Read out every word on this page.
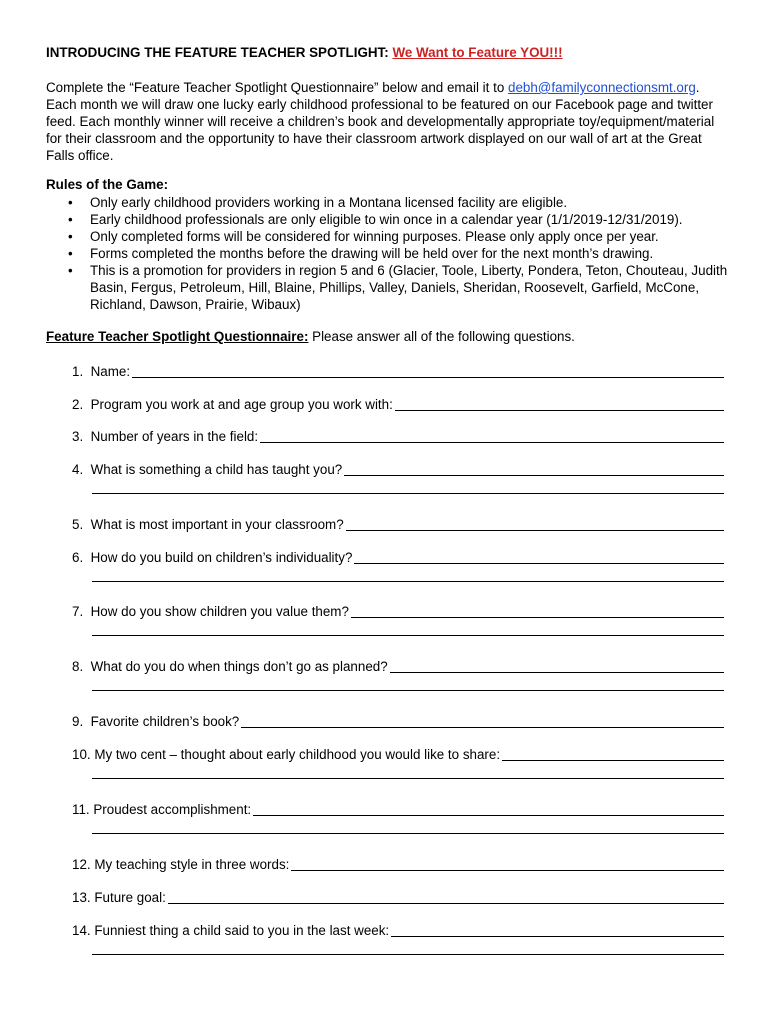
INTRODUCING THE FEATURE TEACHER SPOTLIGHT: We Want to Feature YOU!!!
Complete the “Feature Teacher Spotlight Questionnaire” below and email it to debh@familyconnectionsmt.org. Each month we will draw one lucky early childhood professional to be featured on our Facebook page and twitter feed. Each monthly winner will receive a children’s book and developmentally appropriate toy/equipment/material for their classroom and the opportunity to have their classroom artwork displayed on our wall of art at the Great Falls office.
Rules of the Game:
• Only early childhood providers working in a Montana licensed facility are eligible.
• Early childhood professionals are only eligible to win once in a calendar year (1/1/2019-12/31/2019).
• Only completed forms will be considered for winning purposes. Please only apply once per year.
• Forms completed the months before the drawing will be held over for the next month’s drawing.
• This is a promotion for providers in region 5 and 6 (Glacier, Toole, Liberty, Pondera, Teton, Chouteau, Judith Basin, Fergus, Petroleum, Hill, Blaine, Phillips, Valley, Daniels, Sheridan, Roosevelt, Garfield, McCone, Richland, Dawson, Prairie, Wibaux)
Feature Teacher Spotlight Questionnaire: Please answer all of the following questions.
1.
Name:
2.
Program you work at and age group you work with:
3.
Number of years in the field:
4.
What is something a child has taught you?
5.
What is most important in your classroom?
6.
How do you build on children’s individuality?
7.
How do you show children you value them?
8.
What do you do when things don’t go as planned?
9.
Favorite children’s book?
10.
My two cent – thought about early childhood you would like to share:
11.
Proudest accomplishment:
12.
My teaching style in three words:
13.
Future goal:
14.
Funniest thing a child said to you in the last week:
